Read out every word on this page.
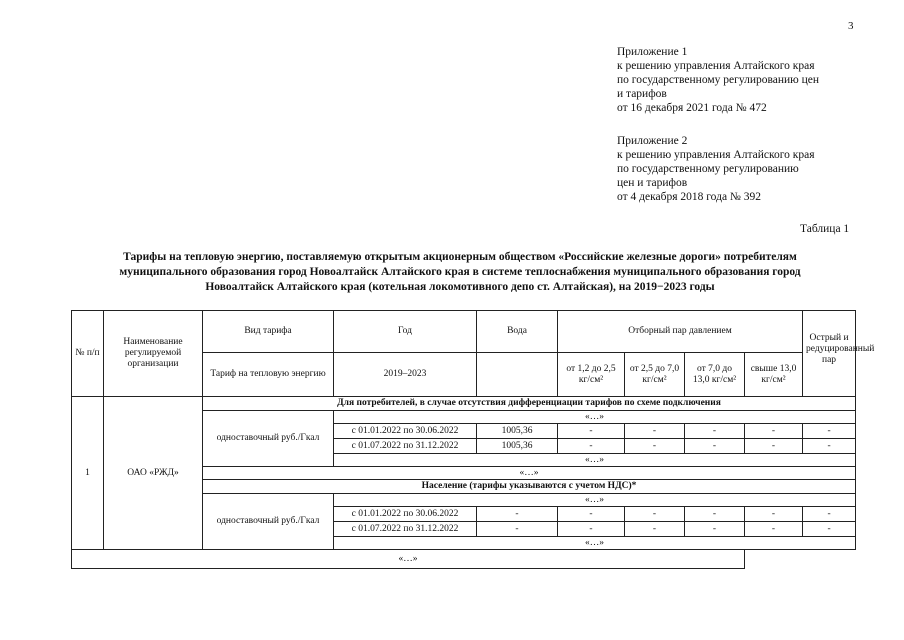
3
Приложение 1
к решению управления Алтайского края
по государственному регулированию цен
и тарифов
от 16 декабря 2021 года № 472
Приложение 2
к решению управления Алтайского края
по государственному регулированию
цен и тарифов
от 4 декабря 2018 года № 392
Таблица 1
Тарифы на тепловую энергию, поставляемую открытым акционерным обществом «Российские железные дороги» потребителям
муниципального образования город Новоалтайск Алтайского края в системе теплоснабжения муниципального образования город
Новоалтайск Алтайского края (котельная локомотивного депо ст. Алтайская), на 2019−2023 годы
№ п/п	Наименование регулируемой организации	Вид тарифа	Год	Вода	Отборный пар давлением				Острый и редуцированный пар
		Тариф на тепловую энергию	2019–2023		от 1,2 до 2,5 кг/см²	от 2,5 до 7,0 кг/см²	от 7,0 до 13,0 кг/см²	свыше 13,0 кг/см²	
1	ОАО «РЖД»	Для потребителей, в случае отсутствия дифференциации тарифов по схеме подключения							
		одноставочный руб./Гкал	«…»						
			с 01.01.2022 по 30.06.2022	1005,36	-	-	-	-	-
			с 01.07.2022 по 31.12.2022	1005,36	-	-	-	-	-
			«…»						
		«…»							
		Население (тарифы указываются с учетом НДС)*							
		одноставочный руб./Гкал	«…»						
			с 01.01.2022 по 30.06.2022	-	-	-	-	-	-
			с 01.07.2022 по 31.12.2022	-	-	-	-	-	-
			«…»						
«…»									
